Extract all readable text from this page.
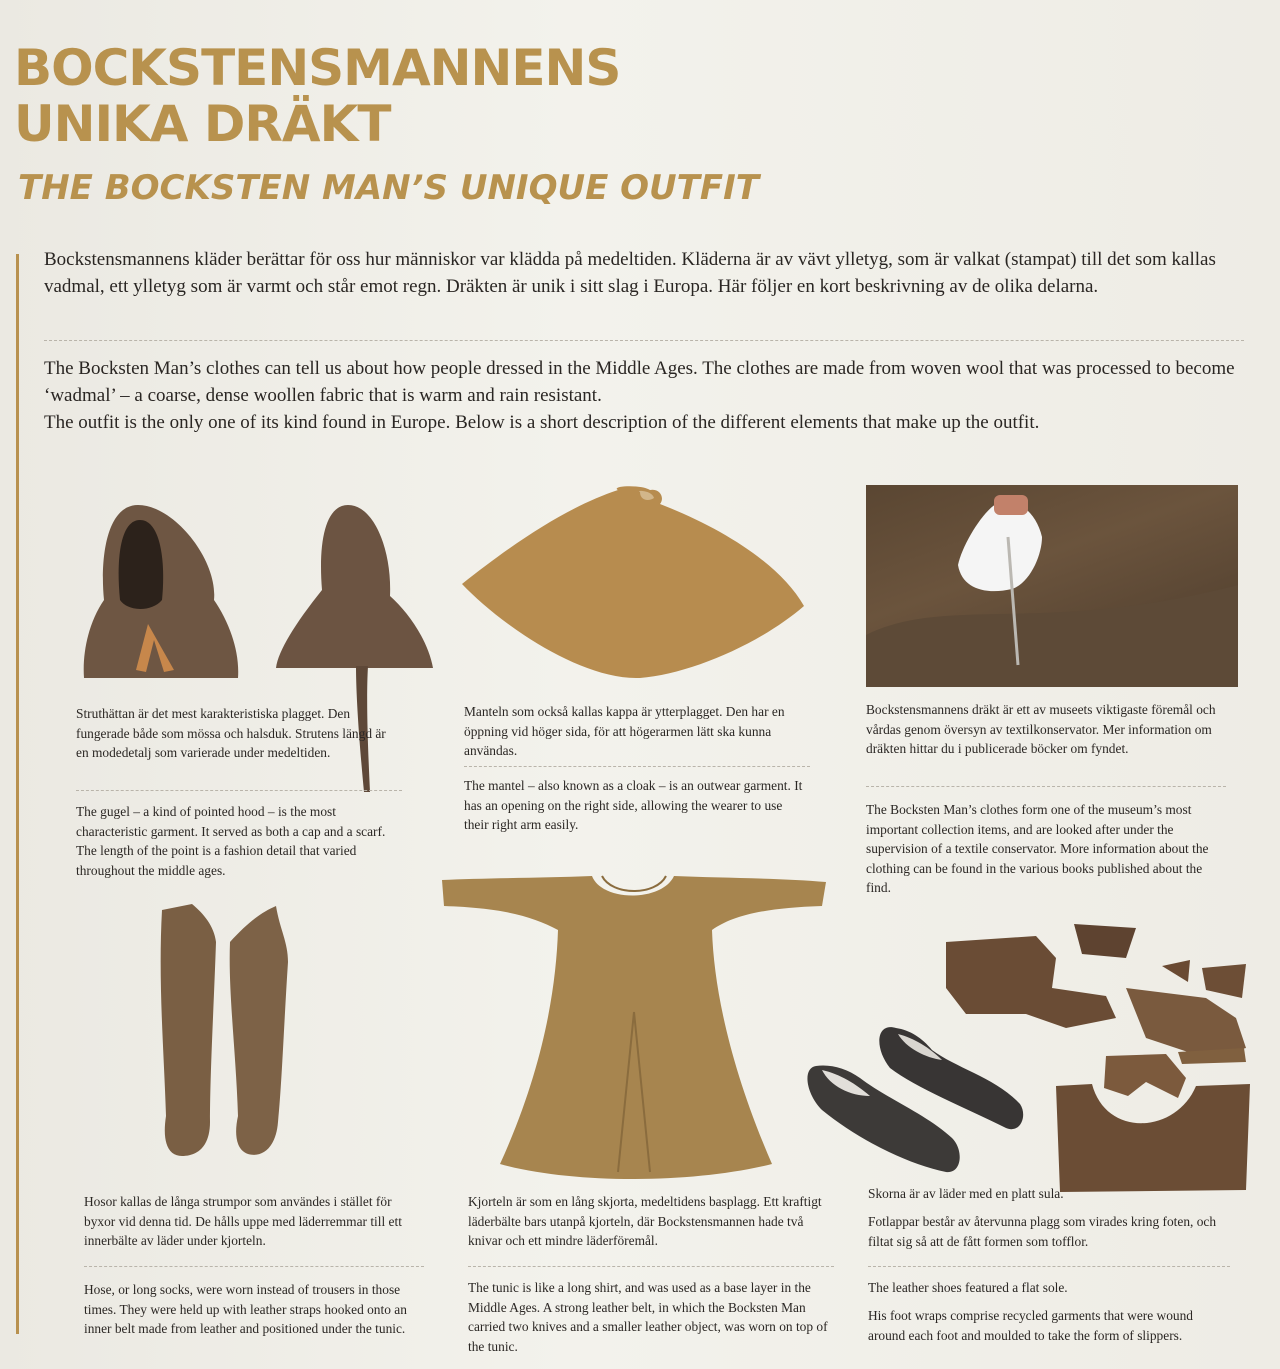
BOCKSTENSMANNENS
UNIKA DRÄKT
THE BOCKSTEN MAN’S UNIQUE OUTFIT

Bockstensmannens kläder berättar för oss hur människor var klädda på medeltiden. Kläderna är av vävt ylletyg, som är valkat (stampat) till det som kallas vadmal, ett ylletyg som är varmt och står emot regn. Dräkten är unik i sitt slag i Europa. Här följer en kort beskrivning av de olika delarna.

The Bocksten Man’s clothes can tell us about how people dressed in the Middle Ages. The clothes are made from woven wool that was processed to become ‘wadmal’ – a coarse, dense woollen fabric that is warm and rain resistant.
The outfit is the only one of its kind found in Europe. Below is a short description of the different elements that make up the outfit.

Struthättan är det mest karakteristiska plagget. Den fungerade både som mössa och halsduk. Strutens längd är en modedetalj som varierade under medeltiden.
The gugel – a kind of pointed hood – is the most characteristic garment. It served as both a cap and a scarf. The length of the point is a fashion detail that varied throughout the middle ages.
Manteln som också kallas kappa är ytterplagget. Den har en öppning vid höger sida, för att högerarmen lätt ska kunna användas.
The mantel – also known as a cloak – is an outwear garment. It has an opening on the right side, allowing the wearer to use their right arm easily.
Bockstensmannens dräkt är ett av museets viktigaste föremål och vårdas genom översyn av textilkonservator. Mer information om dräkten hittar du i publicerade böcker om fyndet.
The Bocksten Man’s clothes form one of the museum’s most important collection items, and are looked after under the supervision of a textile conservator. More information about the clothing can be found in the various books published about the find.
Hosor kallas de långa strumpor som användes i stället för byxor vid denna tid. De hålls uppe med läderremmar till ett innerbälte av läder under kjorteln.
Hose, or long socks, were worn instead of trousers in those times. They were held up with leather straps hooked onto an inner belt made from leather and positioned under the tunic.
Kjorteln är som en lång skjorta, medeltidens basplagg. Ett kraftigt läderbälte bars utanpå kjorteln, där Bockstensmannen hade två knivar och ett mindre läderföremål.
The tunic is like a long shirt, and was used as a base layer in the Middle Ages. A strong leather belt, in which the Bocksten Man carried two knives and a smaller leather object, was worn on top of the tunic.
Skorna är av läder med en platt sula.
Fotlappar består av återvunna plagg som virades kring foten, och filtat sig så att de fått formen som tofflor.
The leather shoes featured a flat sole.
His foot wraps comprise recycled garments that were wound around each foot and moulded to take the form of slippers.
